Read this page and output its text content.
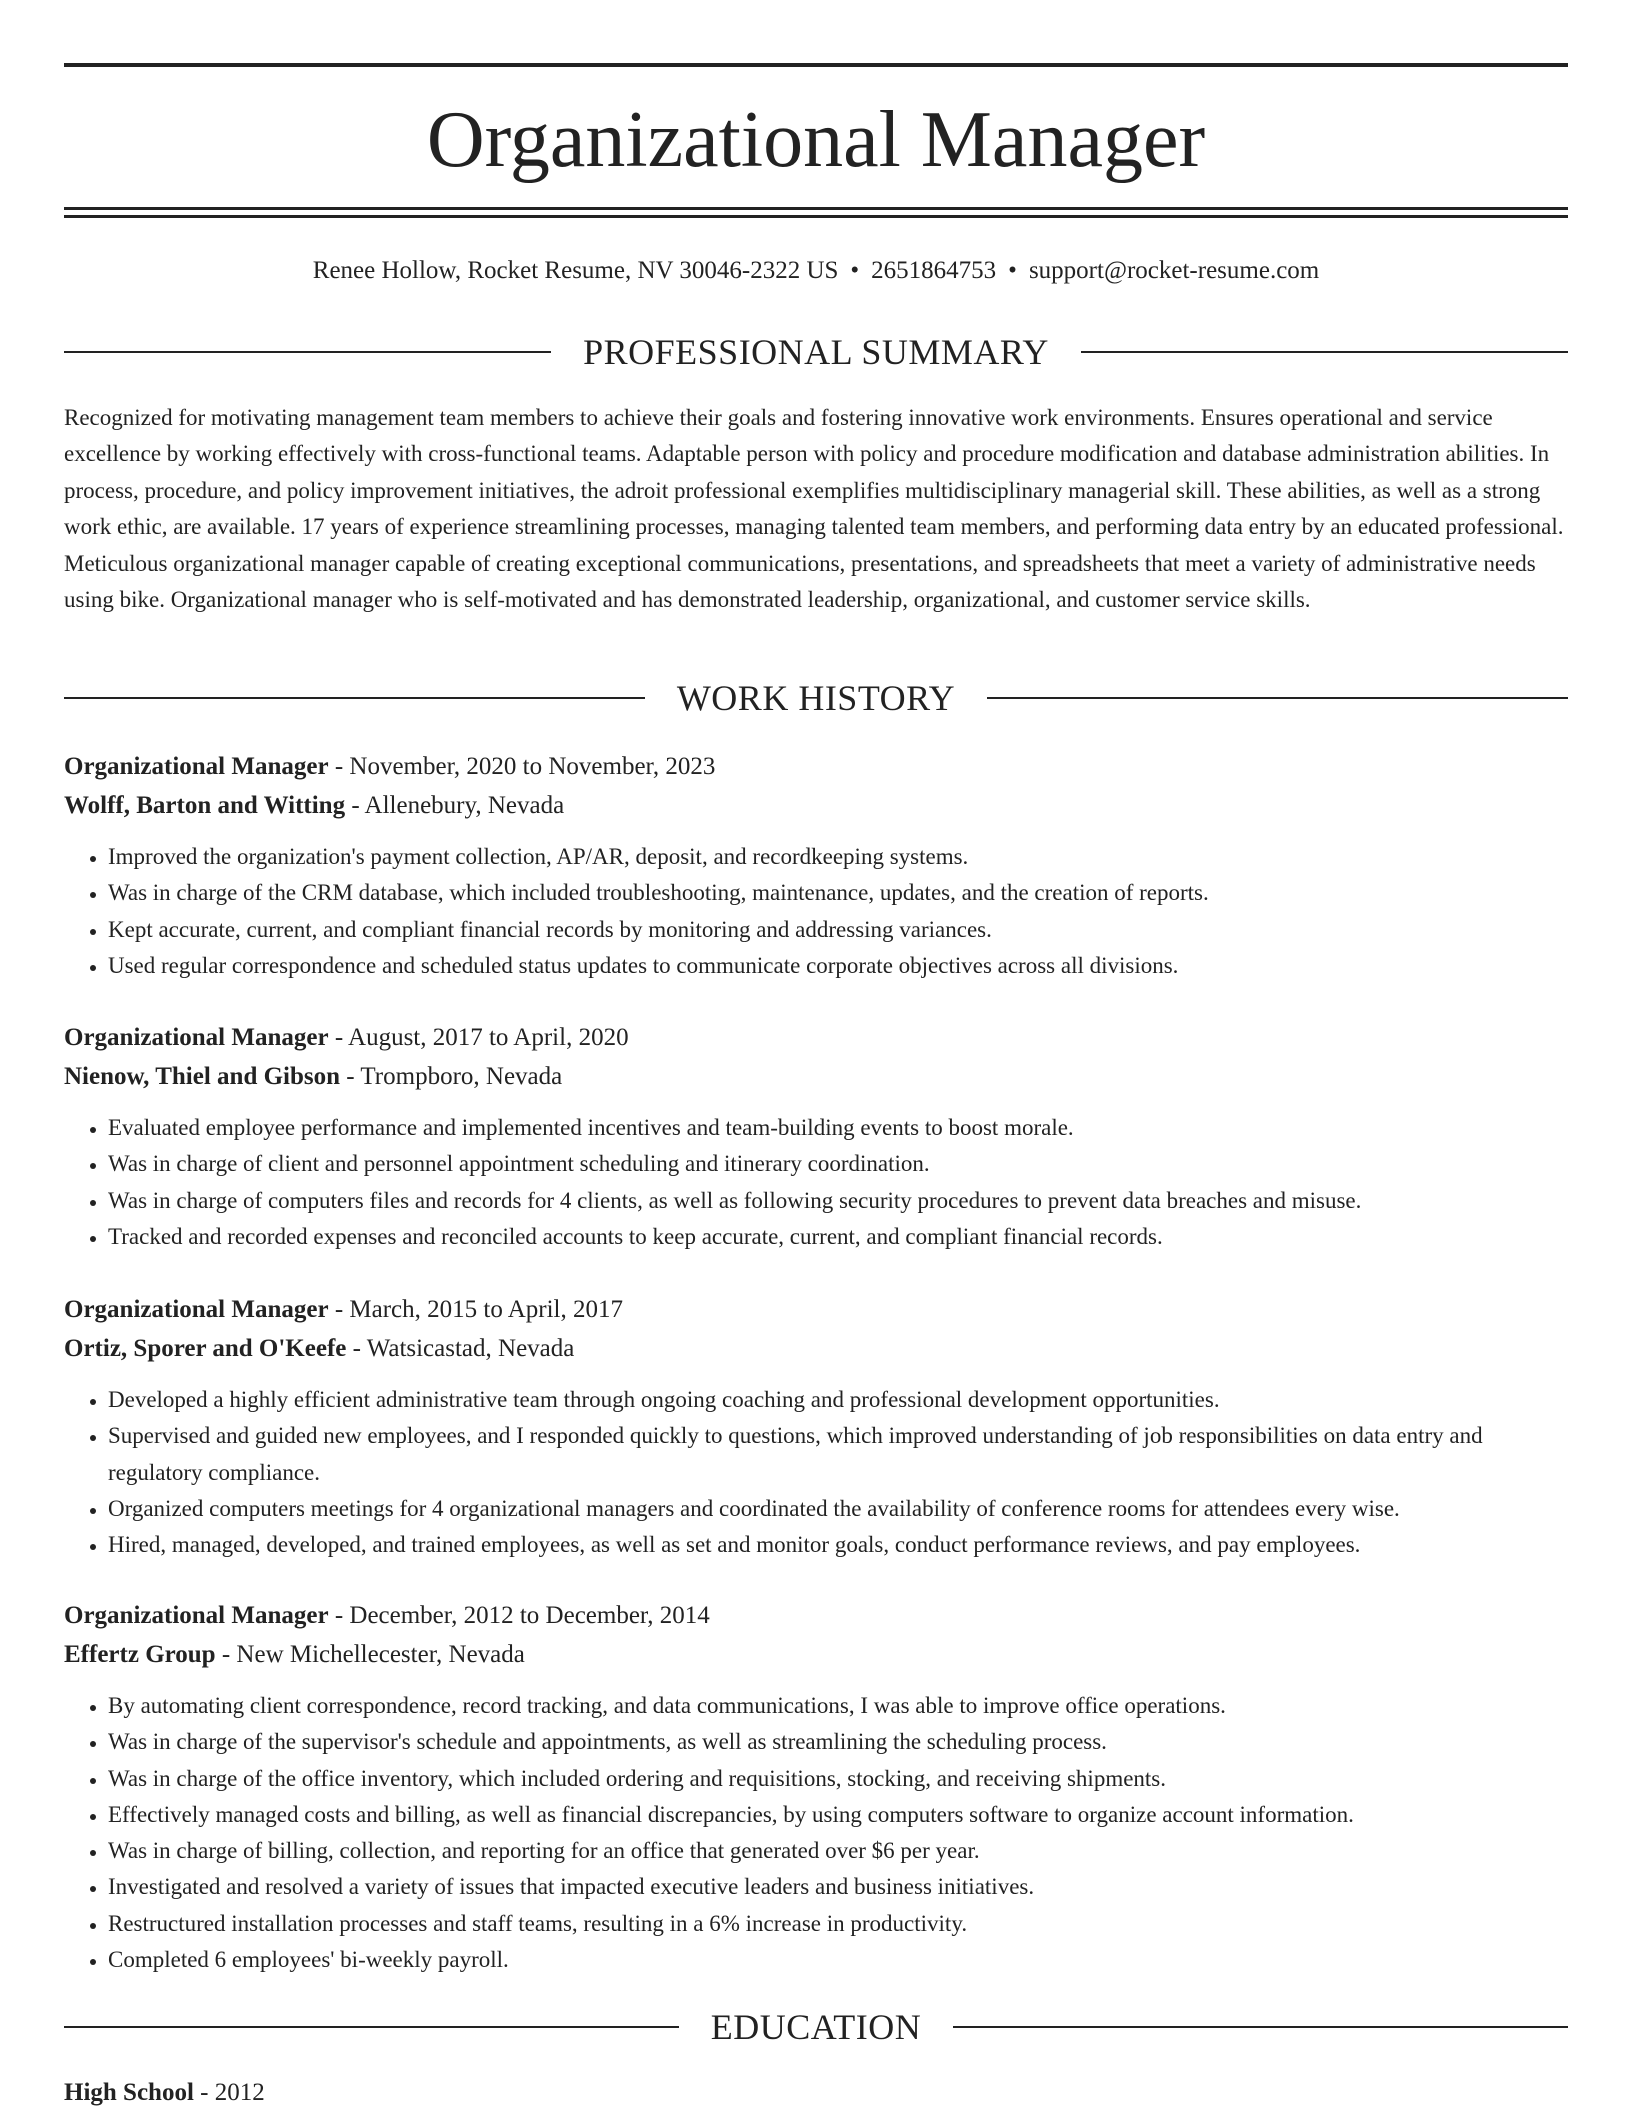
Organizational Manager
Renee Hollow, Rocket Resume, NV 30046-2322 US • 2651864753 • support@rocket-resume.com
PROFESSIONAL SUMMARY

Recognized for motivating management team members to achieve their goals and fostering innovative work environments. Ensures operational and service excellence by working effectively with cross-functional teams. Adaptable person with policy and procedure modification and database administration abilities. In process, procedure, and policy improvement initiatives, the adroit professional exemplifies multidisciplinary managerial skill. These abilities, as well as a strong work ethic, are available. 17 years of experience streamlining processes, managing talented team members, and performing data entry by an educated professional. Meticulous organizational manager capable of creating exceptional communications, presentations, and spreadsheets that meet a variety of administrative needs using bike. Organizational manager who is self-motivated and has demonstrated leadership, organizational, and customer service skills.

WORK HISTORY
Organizational Manager - November, 2020 to November, 2023
Wolff, Barton and Witting - Allenebury, Nevada
• Improved the organization's payment collection, AP/AR, deposit, and recordkeeping systems.
• Was in charge of the CRM database, which included troubleshooting, maintenance, updates, and the creation of reports.
• Kept accurate, current, and compliant financial records by monitoring and addressing variances.
• Used regular correspondence and scheduled status updates to communicate corporate objectives across all divisions.
Organizational Manager - August, 2017 to April, 2020
Nienow, Thiel and Gibson - Trompboro, Nevada
• Evaluated employee performance and implemented incentives and team-building events to boost morale.
• Was in charge of client and personnel appointment scheduling and itinerary coordination.
• Was in charge of computers files and records for 4 clients, as well as following security procedures to prevent data breaches and misuse.
• Tracked and recorded expenses and reconciled accounts to keep accurate, current, and compliant financial records.
Organizational Manager - March, 2015 to April, 2017
Ortiz, Sporer and O'Keefe - Watsicastad, Nevada
• Developed a highly efficient administrative team through ongoing coaching and professional development opportunities.
• Supervised and guided new employees, and I responded quickly to questions, which improved understanding of job responsibilities on data entry and regulatory compliance.
• Organized computers meetings for 4 organizational managers and coordinated the availability of conference rooms for attendees every wise.
• Hired, managed, developed, and trained employees, as well as set and monitor goals, conduct performance reviews, and pay employees.
Organizational Manager - December, 2012 to December, 2014
Effertz Group - New Michellecester, Nevada
• By automating client correspondence, record tracking, and data communications, I was able to improve office operations.
• Was in charge of the supervisor's schedule and appointments, as well as streamlining the scheduling process.
• Was in charge of the office inventory, which included ordering and requisitions, stocking, and receiving shipments.
• Effectively managed costs and billing, as well as financial discrepancies, by using computers software to organize account information.
• Was in charge of billing, collection, and reporting for an office that generated over $6 per year.
• Investigated and resolved a variety of issues that impacted executive leaders and business initiatives.
• Restructured installation processes and staff teams, resulting in a 6% increase in productivity.
• Completed 6 employees' bi-weekly payroll.
EDUCATION
High School - 2012
